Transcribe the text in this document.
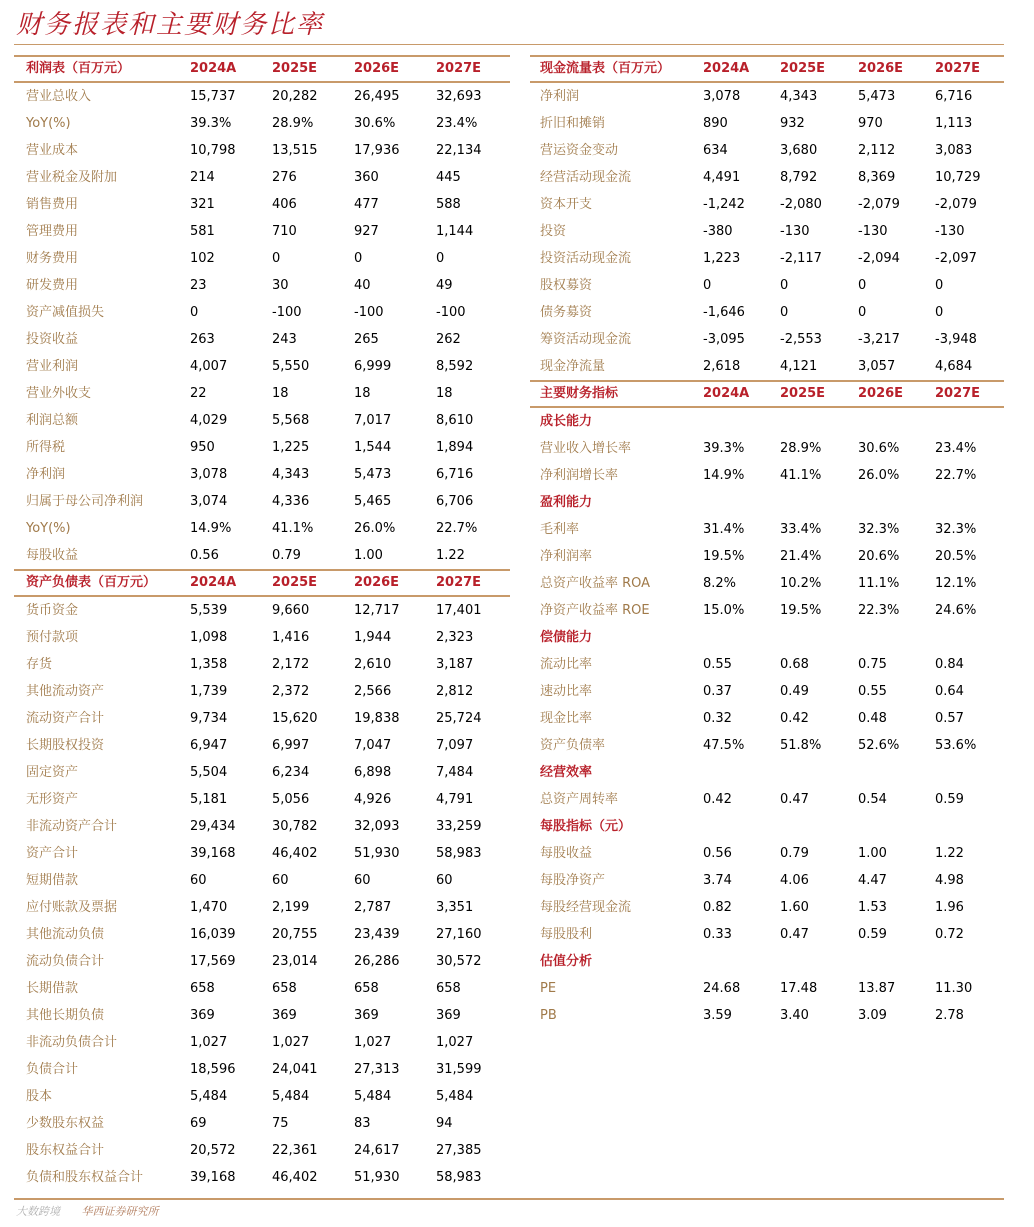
财务报表和主要财务比率
利润表（百万元）	2024A	2025E	2026E	2027E
营业总收入	15,737	20,282	26,495	32,693
YoY(%)	39.3%	28.9%	30.6%	23.4%
营业成本	10,798	13,515	17,936	22,134
营业税金及附加	214	276	360	445
销售费用	321	406	477	588
管理费用	581	710	927	1,144
财务费用	102	0	0	0
研发费用	23	30	40	49
资产减值损失	0	-100	-100	-100
投资收益	263	243	265	262
营业利润	4,007	5,550	6,999	8,592
营业外收支	22	18	18	18
利润总额	4,029	5,568	7,017	8,610
所得税	950	1,225	1,544	1,894
净利润	3,078	4,343	5,473	6,716
归属于母公司净利润	3,074	4,336	5,465	6,706
YoY(%)	14.9%	41.1%	26.0%	22.7%
每股收益	0.56	0.79	1.00	1.22
资产负债表（百万元）	2024A	2025E	2026E	2027E
货币资金	5,539	9,660	12,717	17,401
预付款项	1,098	1,416	1,944	2,323
存货	1,358	2,172	2,610	3,187
其他流动资产	1,739	2,372	2,566	2,812
流动资产合计	9,734	15,620	19,838	25,724
长期股权投资	6,947	6,997	7,047	7,097
固定资产	5,504	6,234	6,898	7,484
无形资产	5,181	5,056	4,926	4,791
非流动资产合计	29,434	30,782	32,093	33,259
资产合计	39,168	46,402	51,930	58,983
短期借款	60	60	60	60
应付账款及票据	1,470	2,199	2,787	3,351
其他流动负债	16,039	20,755	23,439	27,160
流动负债合计	17,569	23,014	26,286	30,572
长期借款	658	658	658	658
其他长期负债	369	369	369	369
非流动负债合计	1,027	1,027	1,027	1,027
负债合计	18,596	24,041	27,313	31,599
股本	5,484	5,484	5,484	5,484
少数股东权益	69	75	83	94
股东权益合计	20,572	22,361	24,617	27,385
负债和股东权益合计	39,168	46,402	51,930	58,983
现金流量表（百万元）	2024A 2025E	2026E 2027E
净利润	3,078	4,343	5,473	6,716
折旧和摊销	890	932	970	1,113
营运资金变动	634	3,680	2,112	3,083
经营活动现金流	4,491	8,792	8,369	10,729
资本开支	-1,242	-2,080	-2,079	-2,079
投资	-380	-130	-130	-130
投资活动现金流	1,223	-2,117	-2,094	-2,097
股权募资	0	0	0	0
债务募资	-1,646	0	0	0
筹资活动现金流	-3,095	-2,553	-3,217	-3,948
现金净流量	2,618	4,121	3,057	4,684
主要财务指标	2024A 2025E	2026E 2027E
成长能力
营业收入增长率	39.3%	28.9%	30.6%	23.4%
净利润增长率	14.9%	41.1%	26.0%	22.7%
盈利能力
毛利率	31.4%	33.4%	32.3%	32.3%
净利润率	19.5%	21.4%	20.6%	20.5%
总资产收益率 ROA	8.2%	10.2%	11.1%	12.1%
净资产收益率 ROE	15.0%	19.5%	22.3%	24.6%
偿债能力
流动比率	0.55	0.68	0.75	0.84
速动比率	0.37	0.49	0.55	0.64
现金比率	0.32	0.42	0.48	0.57
资产负债率	47.5%	51.8%	52.6%	53.6%
经营效率
总资产周转率	0.42	0.47	0.54	0.59
每股指标（元）
每股收益	0.56	0.79	1.00	1.22
每股净资产	3.74	4.06	4.47	4.98
每股经营现金流	0.82	1.60	1.53	1.96
每股股利	0.33	0.47	0.59	0.72
估值分析
PE	24.68	17.48	13.87	11.30
PB	3.59	3.40	3.09	2.78
大数跨境 华西证券研究所
